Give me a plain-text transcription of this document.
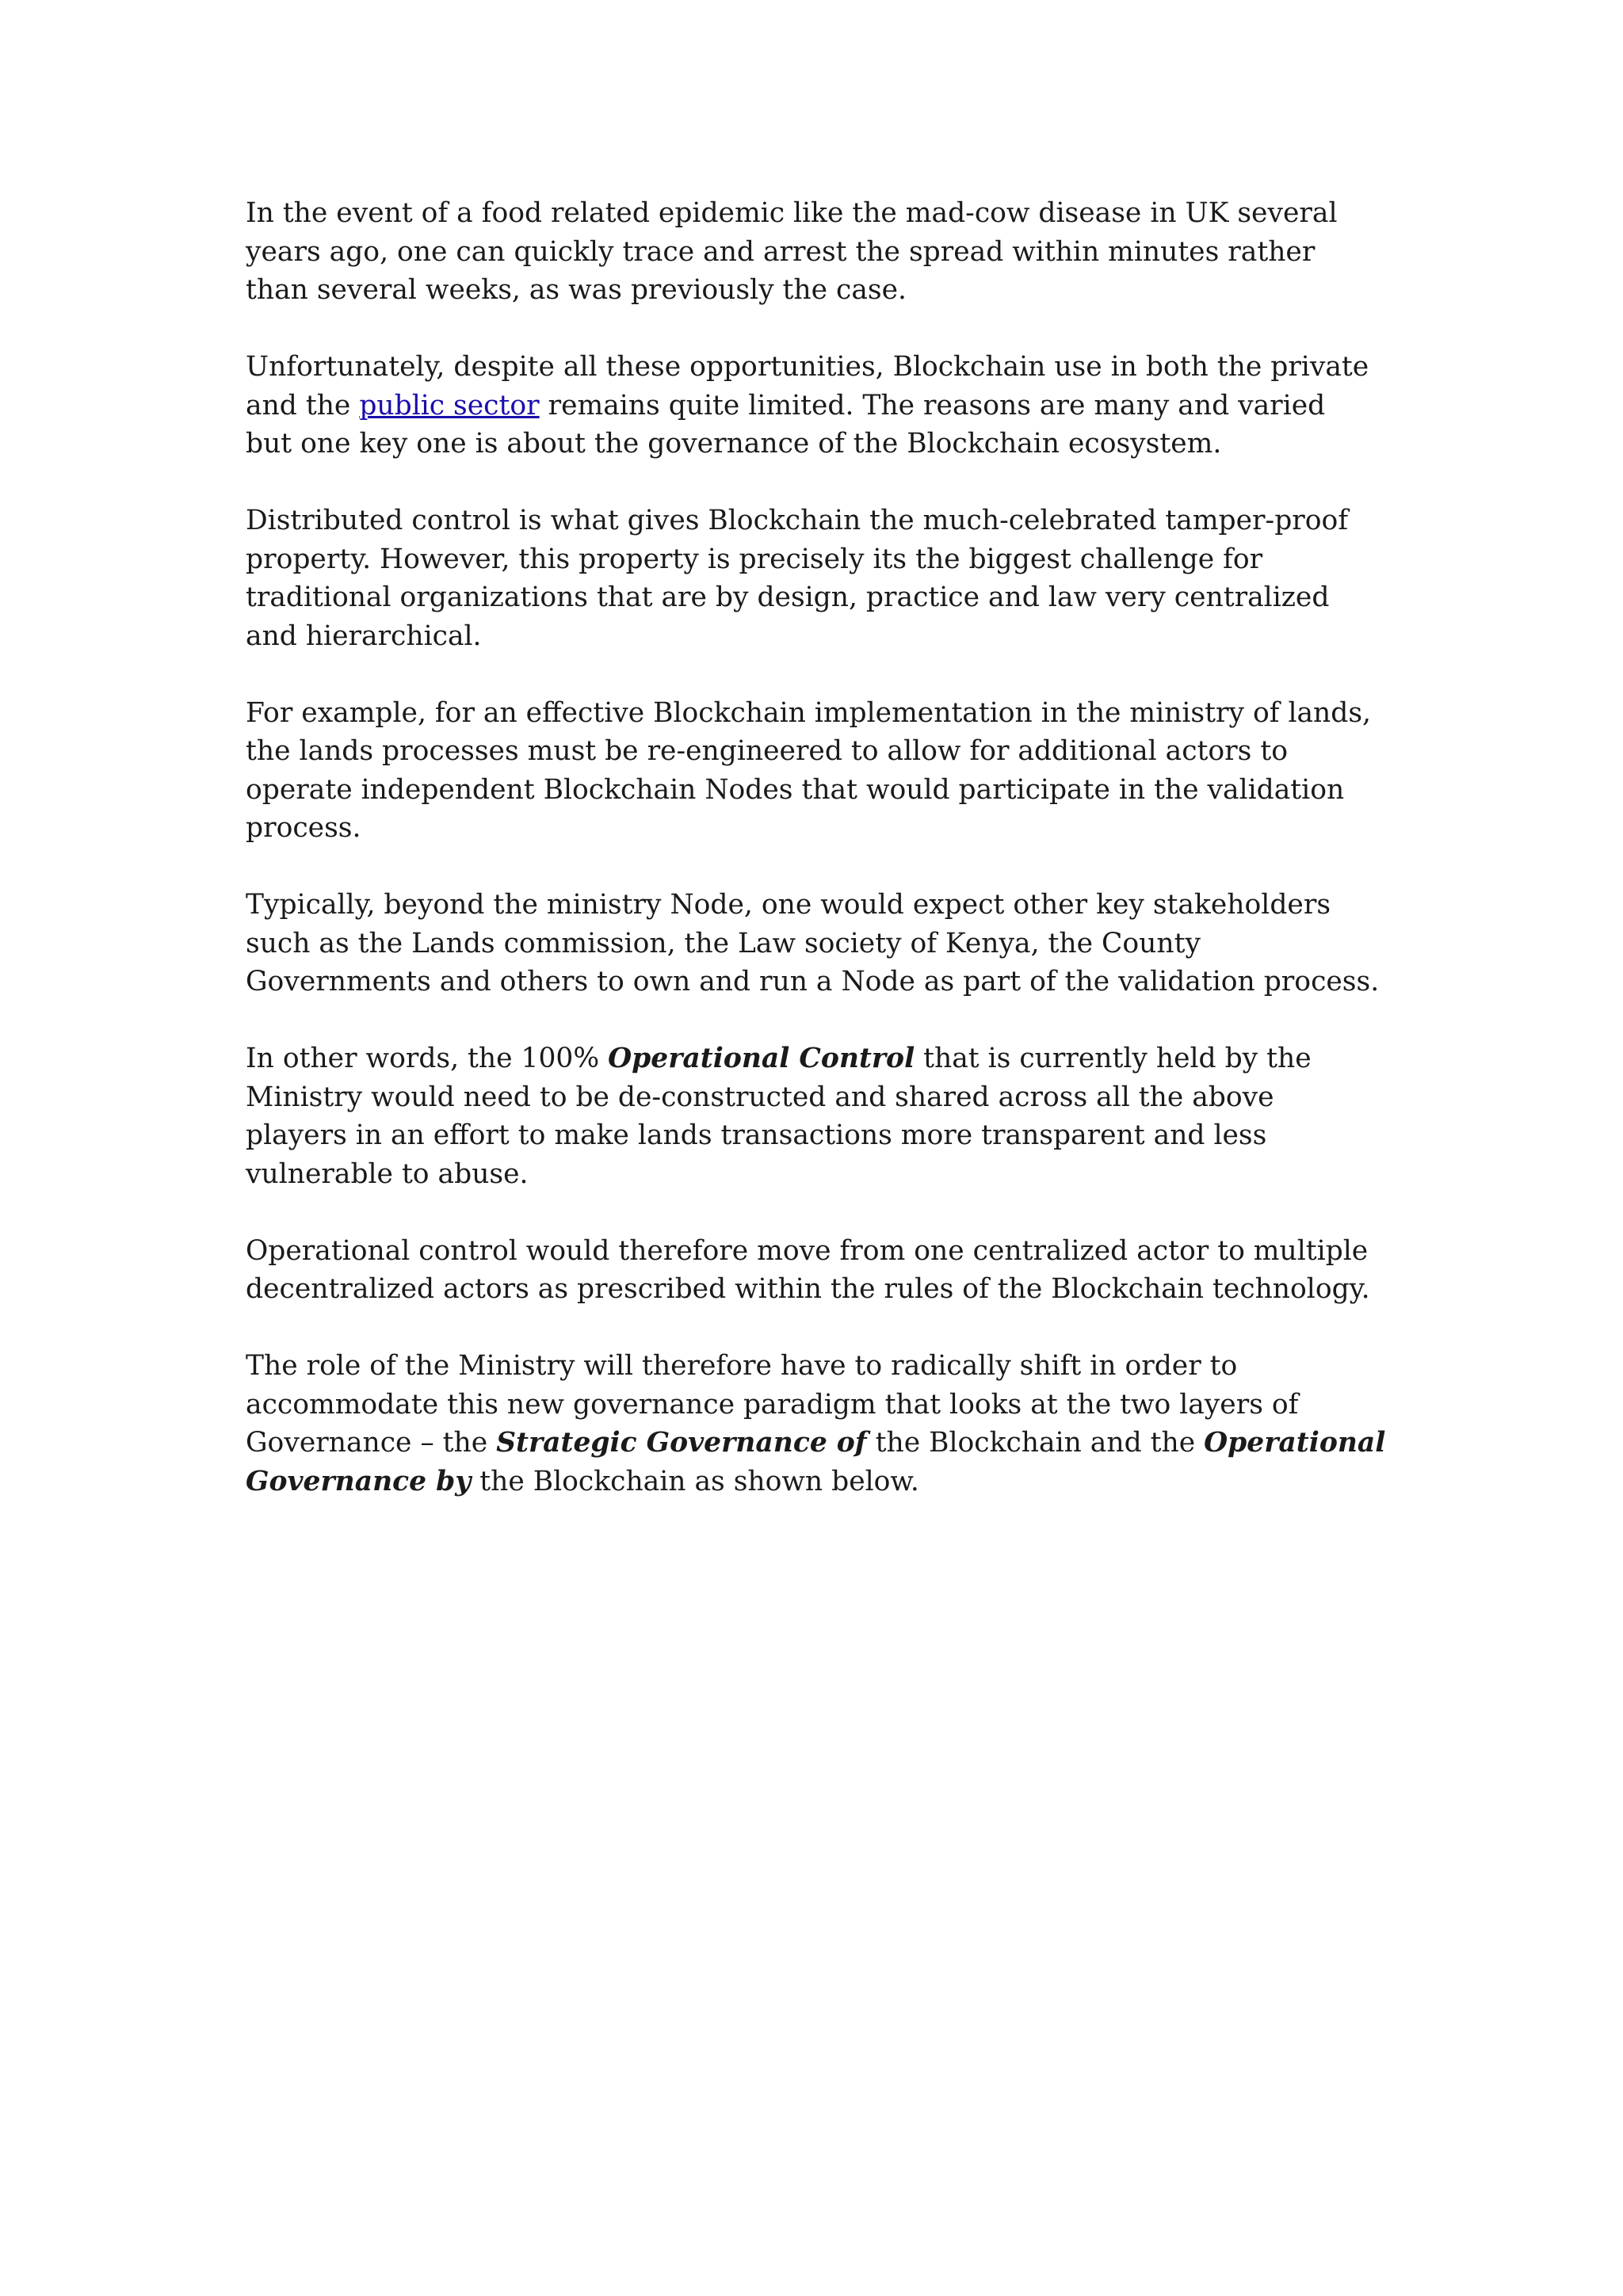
In the event of a food related epidemic like the mad-cow disease in UK several
years ago, one can quickly trace and arrest the spread within minutes rather
than several weeks, as was previously the case.

Unfortunately, despite all these opportunities, Blockchain use in both the private
and the public sector remains quite limited. The reasons are many and varied
but one key one is about the governance of the Blockchain ecosystem.

Distributed control is what gives Blockchain the much-celebrated tamper-proof
property. However, this property is precisely its the biggest challenge for
traditional organizations that are by design, practice and law very centralized
and hierarchical.

For example, for an effective Blockchain implementation in the ministry of lands,
the lands processes must be re-engineered to allow for additional actors to
operate independent Blockchain Nodes that would participate in the validation
process.

Typically, beyond the ministry Node, one would expect other key stakeholders
such as the Lands commission, the Law society of Kenya, the County
Governments and others to own and run a Node as part of the validation process.

In other words, the 100% Operational Control that is currently held by the
Ministry would need to be de-constructed and shared across all the above
players in an effort to make lands transactions more transparent and less
vulnerable to abuse.

Operational control would therefore move from one centralized actor to multiple
decentralized actors as prescribed within the rules of the Blockchain technology.

The role of the Ministry will therefore have to radically shift in order to
accommodate this new governance paradigm that looks at the two layers of
Governance – the Strategic Governance of the Blockchain and the Operational
Governance by the Blockchain as shown below.
